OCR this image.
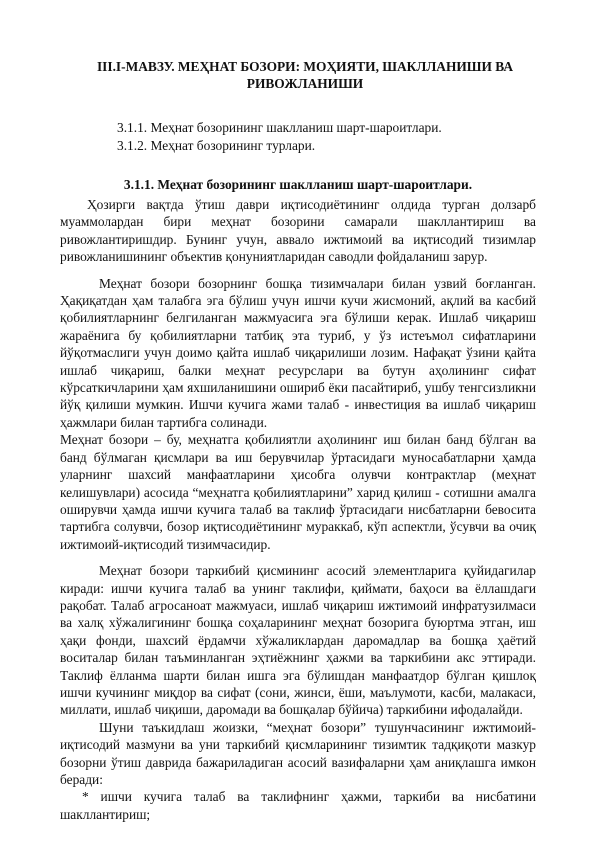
III.I-МАВЗУ. МЕҲНАТ БОЗОРИ: МОҲИЯТИ, ШАКЛЛАНИШИ ВА РИВОЖЛАНИШИ
3.1.1. Меҳнат бозорининг шаклланиш шарт-шароитлари.
3.1.2. Меҳнат бозорининг турлари.
3.1.1. Меҳнат бозорининг шаклланиш шарт-шароитлари.

Ҳозирги вақтда ўтиш даври иқтисодиётининг олдида турган долзарб муаммолардан бири меҳнат бозорини самарали шакллантириш ва ривожлантиришдир. Бунинг учун, аввало ижтимоий ва иқтисодий тизимлар ривожланишининг объектив қонуниятларидан саводли фойдаланиш зарур.

Меҳнат бозори бозорнинг бошқа тизимчалари билан узвий боғланган. Ҳақиқатдан ҳам талабга эга бўлиш учун ишчи кучи жисмоний, ақлий ва касбий қобилиятларнинг белгиланган мажмуасига эга бўлиши керак. Ишлаб чиқариш жараёнига бу қобилиятларни татбиқ эта туриб, у ўз истеъмол сифатларини йўқотмаслиги учун доимо қайта ишлаб чиқарилиши лозим. Нафақат ўзини қайта ишлаб чиқариш, балки меҳнат ресурслари ва бутун аҳолининг сифат кўрсаткичларини ҳам яхшиланишини ошириб ёки пасайтириб, ушбу тенгсизликни йўқ қилиши мумкин. Ишчи кучига жами талаб - инвестиция ва ишлаб чиқариш ҳажмлари билан тартибга солинади.

Меҳнат бозори – бу, меҳнатга қобилиятли аҳолининг иш билан банд бўлган ва банд бўлмаган қисмлари ва иш берувчилар ўртасидаги муносабатларни ҳамда уларнинг шахсий манфаатларини ҳисобга олувчи контрактлар (меҳнат келишувлари) асосида “меҳнатга қобилиятларини” харид қилиш - сотишни амалга оширувчи ҳамда ишчи кучига талаб ва таклиф ўртасидаги нисбатларни бевосита тартибга солувчи, бозор иқтисодиётининг мураккаб, кўп аспектли, ўсувчи ва очиқ ижтимоий-иқтисодий тизимчасидир.

Меҳнат бозори таркибий қисмининг асосий элементларига қуйидагилар киради: ишчи кучига талаб ва унинг таклифи, қиймати, баҳоси ва ёллашдаги рақобат. Талаб агросаноат мажмуаси, ишлаб чиқариш ижтимоий инфратузилмаси ва халқ хўжалигининг бошқа соҳаларининг меҳнат бозорига буюртма этган, иш ҳақи фонди, шахсий ёрдамчи хўжаликлардан даромадлар ва бошқа ҳаётий воситалар билан таъминланган эҳтиёжнинг ҳажми ва таркибини акс эттиради. Таклиф ёлланма шарти билан ишга эга бўлишдан манфаатдор бўлган қишлоқ ишчи кучининг миқдор ва сифат (сони, жинси, ёши, маълумоти, касби, малакаси, миллати, ишлаб чиқиши, даромади ва бошқалар бўйича) таркибини ифодалайди.

Шуни таъкидлаш жоизки, “меҳнат бозори” тушунчасининг ижтимоий-иқтисодий мазмуни ва уни таркибий қисмларининг тизимтик тадқиқоти мазкур бозорни ўтиш даврида бажариладиган асосий вазифаларни ҳам аниқлашга имкон беради:

* ишчи кучига талаб ва таклифнинг ҳажми, таркиби ва нисбатини шакллантириш;
